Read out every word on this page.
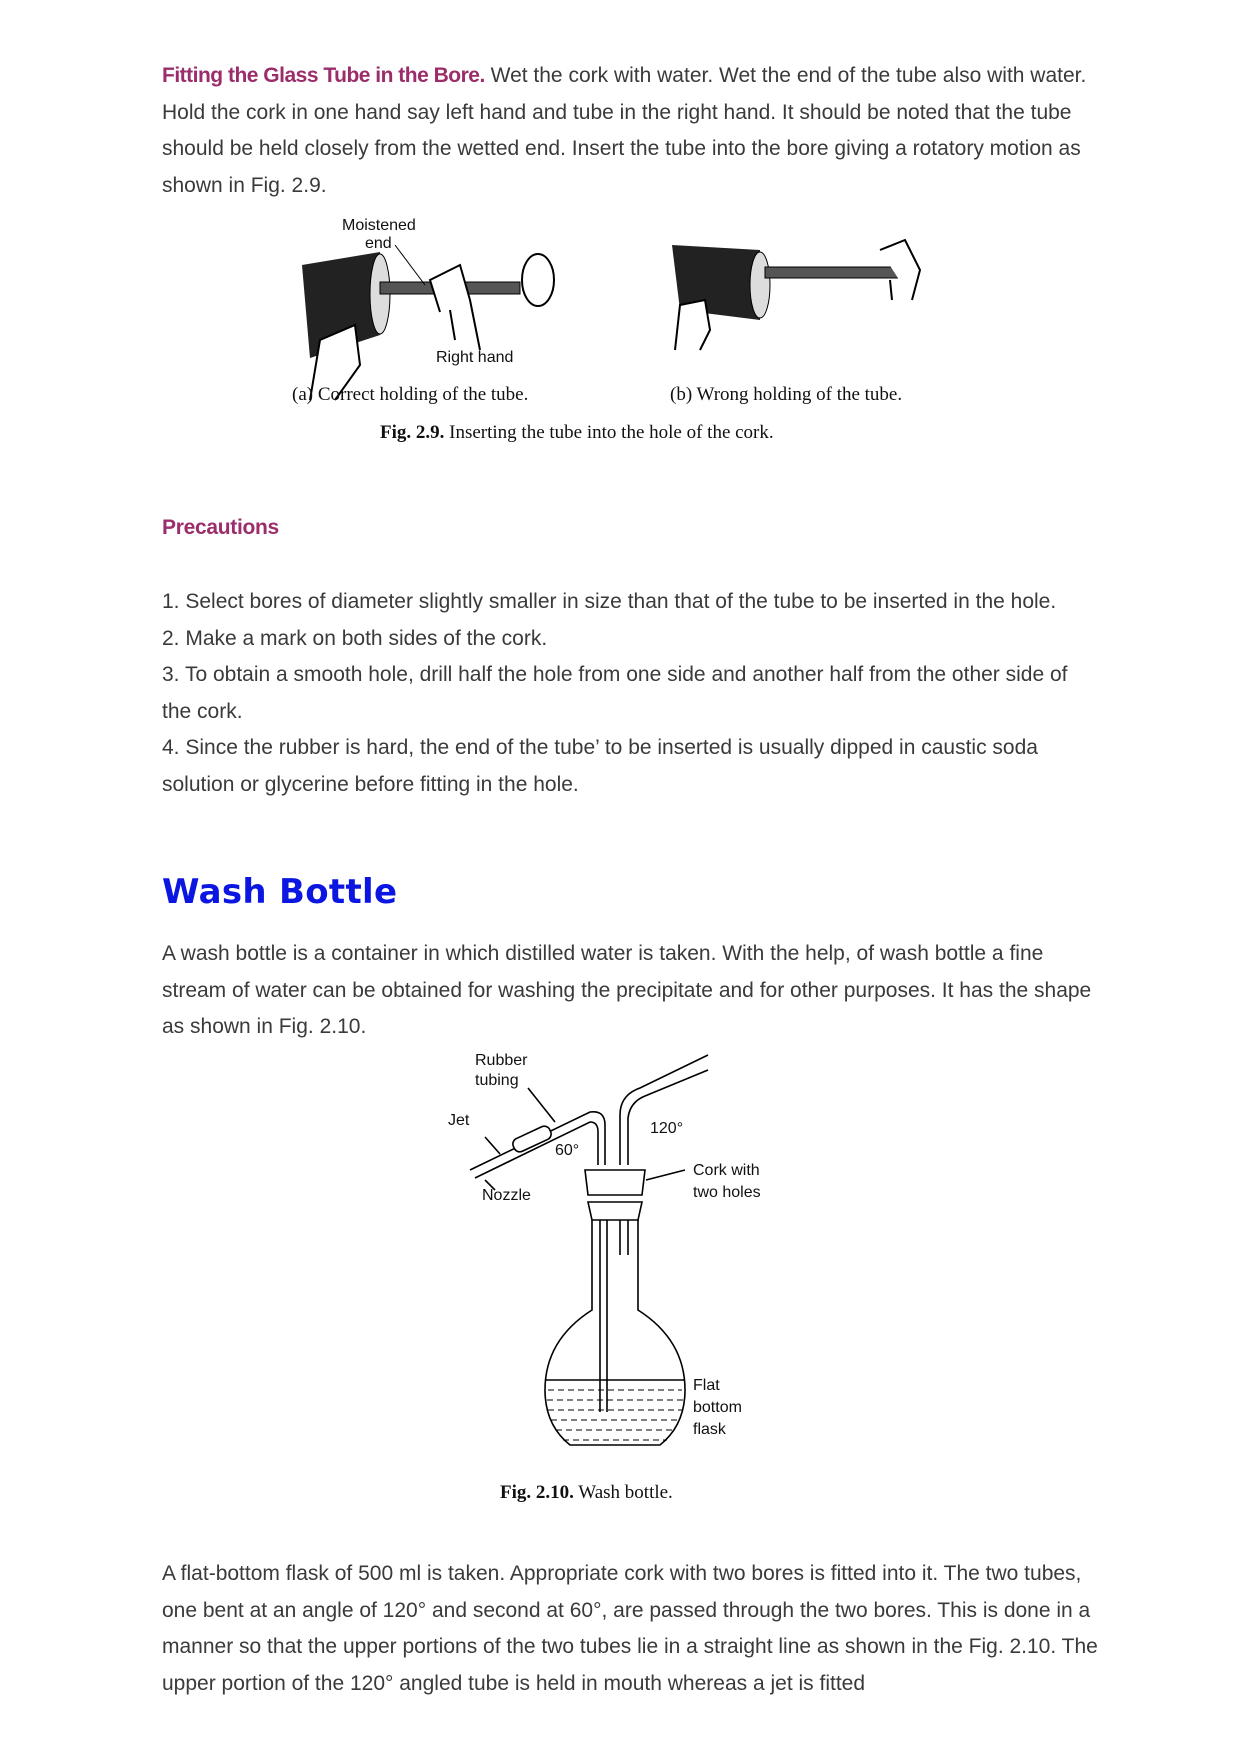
Fitting the Glass Tube in the Bore. Wet the cork with water. Wet the end of the tube also with water. Hold the cork in one hand say left hand and tube in the right hand. It should be noted that the tube should be held closely from the wetted end. Insert the tube into the bore giving a rotatory motion as shown in Fig. 2.9.
Moistened
end
Right hand
(a) Correct holding of the tube.	(b) Wrong holding of the tube.
Fig. 2.9. Inserting the tube into the hole of the cork.
Precautions
1. Select bores of diameter slightly smaller in size than that of the tube to be inserted in the hole.
2. Make a mark on both sides of the cork.
3. To obtain a smooth hole, drill half the hole from one side and another half from the other side of the cork.
4. Since the rubber is hard, the end of the tube’ to be inserted is usually dipped in caustic soda solution or glycerine before fitting in the hole.
Wash Bottle
A wash bottle is a container in which distilled water is taken. With the help, of wash bottle a fine stream of water can be obtained for washing the precipitate and for other purposes. It has the shape as shown in Fig. 2.10.
Rubber
tubing
Jet
Nozzle
60°
120°
Cork with
two holes
Flat
bottom
flask
Fig. 2.10. Wash bottle.
A flat-bottom flask of 500 ml is taken. Appropriate cork with two bores is fitted into it. The two tubes, one bent at an angle of 120° and second at 60°, are passed through the two bores. This is done in a manner so that the upper portions of the two tubes lie in a straight line as shown in the Fig. 2.10. The upper portion of the 120° angled tube is held in mouth whereas a jet is fitted
